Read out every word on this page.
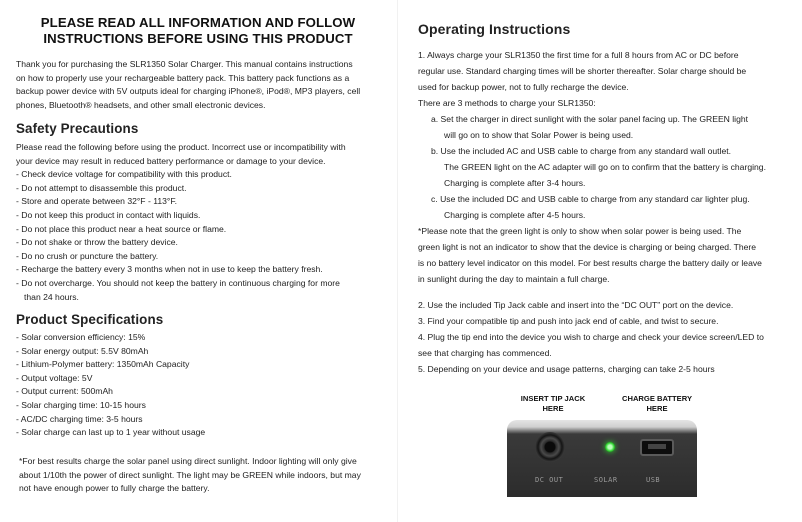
PLEASE READ ALL INFORMATION AND FOLLOW
INSTRUCTIONS BEFORE USING THIS PRODUCT
Thank you for purchasing the SLR1350 Solar Charger. This manual contains instructions
on how to properly use your rechargeable battery pack. This battery pack functions as a
backup power device with 5V outputs ideal for charging iPhone®, iPod®, MP3 players, cell
phones, Bluetooth® headsets, and other small electronic devices.
Safety Precautions
Please read the following before using the product. Incorrect use or incompatibility with
your device may result in reduced battery performance or damage to your device.
- Check device voltage for compatibility with this product.
- Do not attempt to disassemble this product.
- Store and operate between 32°F - 113°F.
- Do not keep this product in contact with liquids.
- Do not place this product near a heat source or flame.
- Do not shake or throw the battery device.
- Do no crush or puncture the battery.
- Recharge the battery every 3 months when not in use to keep the battery fresh.
- Do not overcharge. You should not keep the battery in continuous charging for more
than 24 hours.
Product Specifications
- Solar conversion efficiency: 15%
- Solar energy output: 5.5V 80mAh
- Lithium-Polymer battery: 1350mAh Capacity
- Output voltage: 5V
- Output current: 500mAh
- Solar charging time: 10-15 hours
- AC/DC charging time: 3-5 hours
- Solar charge can last up to 1 year without usage
*For best results charge the solar panel using direct sunlight. Indoor lighting will only give
about 1/10th the power of direct sunlight. The light may be GREEN while indoors, but may
not have enough power to fully charge the battery.
Operating Instructions
1. Always charge your SLR1350 the first time for a full 8 hours from AC or DC before
regular use. Standard charging times will be shorter thereafter. Solar charge should be
used for backup power, not to fully recharge the device.
There are 3 methods to charge your SLR1350:
a. Set the charger in direct sunlight with the solar panel facing up. The GREEN light
will go on to show that Solar Power is being used.
b. Use the included AC and USB cable to charge from any standard wall outlet.
The GREEN light on the AC adapter will go on to confirm that the battery is charging.
Charging is complete after 3-4 hours.
c. Use the included DC and USB cable to charge from any standard car lighter plug.
Charging is complete after 4-5 hours.
*Please note that the green light is only to show when solar power is being used. The
green light is not an indicator to show that the device is charging or being charged. There
is no battery level indicator on this model. For best results charge the battery daily or leave
in sunlight during the day to maintain a full charge.
2. Use the included Tip Jack cable and insert into the “DC OUT” port on the device.
3. Find your compatible tip and push into jack end of cable, and twist to secure.
4. Plug the tip end into the device you wish to charge and check your device screen/LED to
see that charging has commenced.
5. Depending on your device and usage patterns, charging can take 2-5 hours
INSERT TIP JACK
HERE
CHARGE BATTERY
HERE
DC OUT	SOLAR	USB
